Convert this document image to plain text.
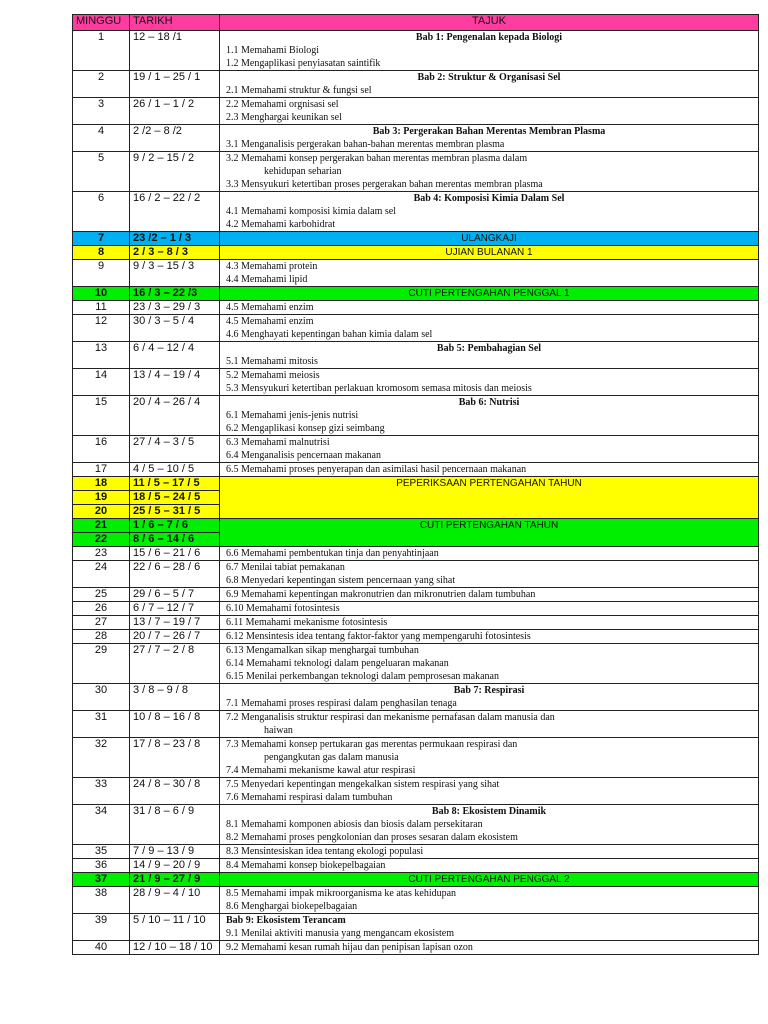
MINGGU	TARIKH	TAJUK
1	12 – 18 /1	Bab 1: Pengenalan kepada Biologi
1.1 Memahami Biologi
1.2 Mengaplikasi penyiasatan saintifik

2	19 / 1 – 25 / 1	Bab 2: Struktur & Organisasi Sel
2.1 Memahami struktur & fungsi sel

3	26 / 1 – 1 / 2	2.2 Memahami orgnisasi sel
2.3 Menghargai keunikan sel

4	2 /2 – 8 /2	Bab 3: Pergerakan Bahan Merentas Membran Plasma
3.1 Menganalisis pergerakan bahan-bahan merentas membran plasma

5	9 / 2 – 15 / 2	3.2 Memahami konsep pergerakan bahan merentas membran plasma dalam
kehidupan seharian
3.3 Mensyukuri ketertiban proses pergerakan bahan merentas membran plasma

6	16 / 2 – 22 / 2	Bab 4: Komposisi Kimia Dalam Sel
4.1 Memahami komposisi kimia dalam sel
4.2 Memahami karbohidrat

7	23 /2 – 1 / 3	ULANGKAJI
8	2 / 3 – 8 / 3	UJIAN BULANAN 1
9	9 / 3 – 15 / 3	4.3 Memahami protein
4.4 Memahami lipid

10	16 / 3 – 22 /3	CUTI PERTENGAHAN PENGGAL 1
11	23 / 3 – 29 / 3	4.5 Memahami enzim

12	30 / 3 – 5 / 4	4.5 Memahami enzim
4.6 Menghayati kepentingan bahan kimia dalam sel

13	6 / 4 – 12 / 4	Bab 5: Pembahagian Sel
5.1 Memahami mitosis

14	13 / 4 – 19 / 4	5.2 Memahami meiosis
5.3 Mensyukuri ketertiban perlakuan kromosom semasa mitosis dan meiosis

15	20 / 4 – 26 / 4	Bab 6: Nutrisi
6.1 Memahami jenis-jenis nutrisi
6.2 Mengaplikasi konsep gizi seimbang

16	27 / 4 – 3 / 5	6.3 Memahami malnutrisi
6.4 Menganalisis pencernaan makanan

17	4 / 5 – 10 / 5	6.5 Memahami proses penyerapan dan asimilasi hasil pencernaan makanan

18	11 / 5 – 17 / 5	PEPERIKSAAN PERTENGAHAN TAHUN
19	18 / 5 – 24 / 5	
20	25 / 5 – 31 / 5	
21	1 / 6 – 7 / 6	CUTI PERTENGAHAN TAHUN
22	8 / 6 – 14 / 6	
23	15 / 6 – 21 / 6	6.6 Memahami pembentukan tinja dan penyahtinjaan

24	22 / 6 – 28 / 6	6.7 Menilai tabiat pemakanan
6.8 Menyedari kepentingan sistem pencernaan yang sihat

25	29 / 6 – 5 / 7	6.9 Memahami kepentingan makronutrien dan mikronutrien dalam tumbuhan

26	6 / 7 – 12 / 7	6.10 Memahami fotosintesis

27	13 / 7 – 19 / 7	6.11 Memahami mekanisme fotosintesis

28	20 / 7 – 26 / 7	6.12 Mensintesis idea tentang faktor-faktor yang mempengaruhi fotosintesis

29	27 / 7 – 2 / 8	6.13 Mengamalkan sikap menghargai tumbuhan
6.14 Memahami teknologi dalam pengeluaran makanan
6.15 Menilai perkembangan teknologi dalam pemprosesan makanan

30	3 / 8 – 9 / 8	Bab 7: Respirasi
7.1 Memahami proses respirasi dalam penghasilan tenaga

31	10 / 8 – 16 / 8	7.2 Menganalisis struktur respirasi dan mekanisme pernafasan dalam manusia dan
haiwan

32	17 / 8 – 23 / 8	7.3 Memahami konsep pertukaran gas merentas permukaan respirasi dan
pengangkutan gas dalam manusia
7.4 Memahami mekanisme kawal atur respirasi

33	24 / 8 – 30 / 8	7.5 Menyedari kepentingan mengekalkan sistem respirasi yang sihat
7.6 Memahami respirasi dalam tumbuhan

34	31 / 8 – 6 / 9	Bab 8: Ekosistem Dinamik
8.1 Memahami komponen abiosis dan biosis dalam persekitaran
8.2 Memahami proses pengkolonian dan proses sesaran dalam ekosistem

35	7 / 9 – 13 / 9	8.3 Mensintesiskan idea tentang ekologi populasi

36	14 / 9 – 20 / 9	8.4 Memahami konsep biokepelbagaian

37	21 / 9 – 27 / 9	CUTI PERTENGAHAN PENGGAL 2
38	28 / 9 – 4 / 10	8.5 Memahami impak mikroorganisma ke atas kehidupan
8.6 Menghargai biokepelbagaian

39	5 / 10 – 11 / 10	Bab 9: Ekosistem Terancam
9.1 Menilai aktiviti manusia yang mengancam ekosistem

40	12 / 10 – 18 / 10	9.2 Memahami kesan rumah hijau dan penipisan lapisan ozon
